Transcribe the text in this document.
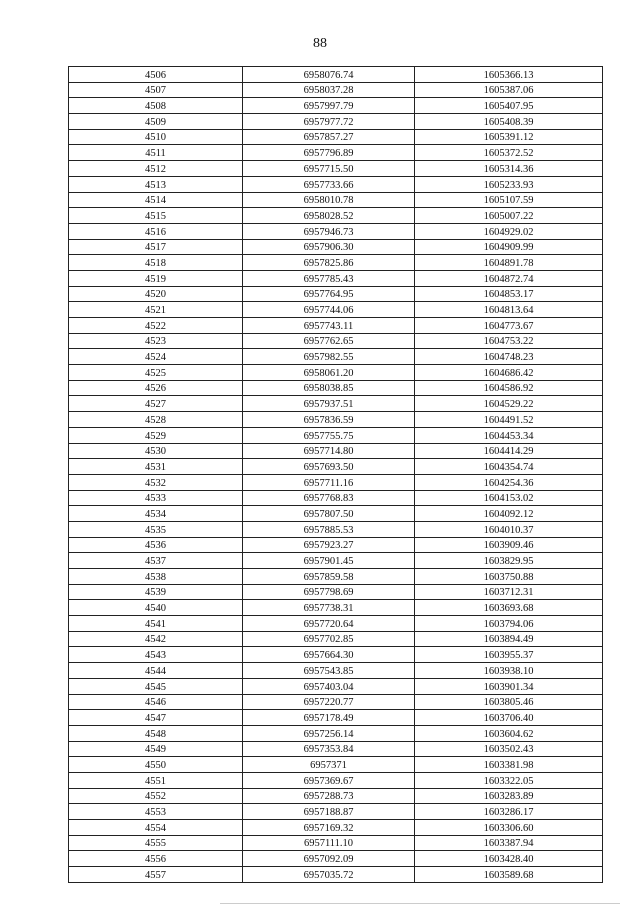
88
4506	6958076.74	1605366.13
4507	6958037.28	1605387.06
4508	6957997.79	1605407.95
4509	6957977.72	1605408.39
4510	6957857.27	1605391.12
4511	6957796.89	1605372.52
4512	6957715.50	1605314.36
4513	6957733.66	1605233.93
4514	6958010.78	1605107.59
4515	6958028.52	1605007.22
4516	6957946.73	1604929.02
4517	6957906.30	1604909.99
4518	6957825.86	1604891.78
4519	6957785.43	1604872.74
4520	6957764.95	1604853.17
4521	6957744.06	1604813.64
4522	6957743.11	1604773.67
4523	6957762.65	1604753.22
4524	6957982.55	1604748.23
4525	6958061.20	1604686.42
4526	6958038.85	1604586.92
4527	6957937.51	1604529.22
4528	6957836.59	1604491.52
4529	6957755.75	1604453.34
4530	6957714.80	1604414.29
4531	6957693.50	1604354.74
4532	6957711.16	1604254.36
4533	6957768.83	1604153.02
4534	6957807.50	1604092.12
4535	6957885.53	1604010.37
4536	6957923.27	1603909.46
4537	6957901.45	1603829.95
4538	6957859.58	1603750.88
4539	6957798.69	1603712.31
4540	6957738.31	1603693.68
4541	6957720.64	1603794.06
4542	6957702.85	1603894.49
4543	6957664.30	1603955.37
4544	6957543.85	1603938.10
4545	6957403.04	1603901.34
4546	6957220.77	1603805.46
4547	6957178.49	1603706.40
4548	6957256.14	1603604.62
4549	6957353.84	1603502.43
4550	6957371	1603381.98
4551	6957369.67	1603322.05
4552	6957288.73	1603283.89
4553	6957188.87	1603286.17
4554	6957169.32	1603306.60
4555	6957111.10	1603387.94
4556	6957092.09	1603428.40
4557	6957035.72	1603589.68
